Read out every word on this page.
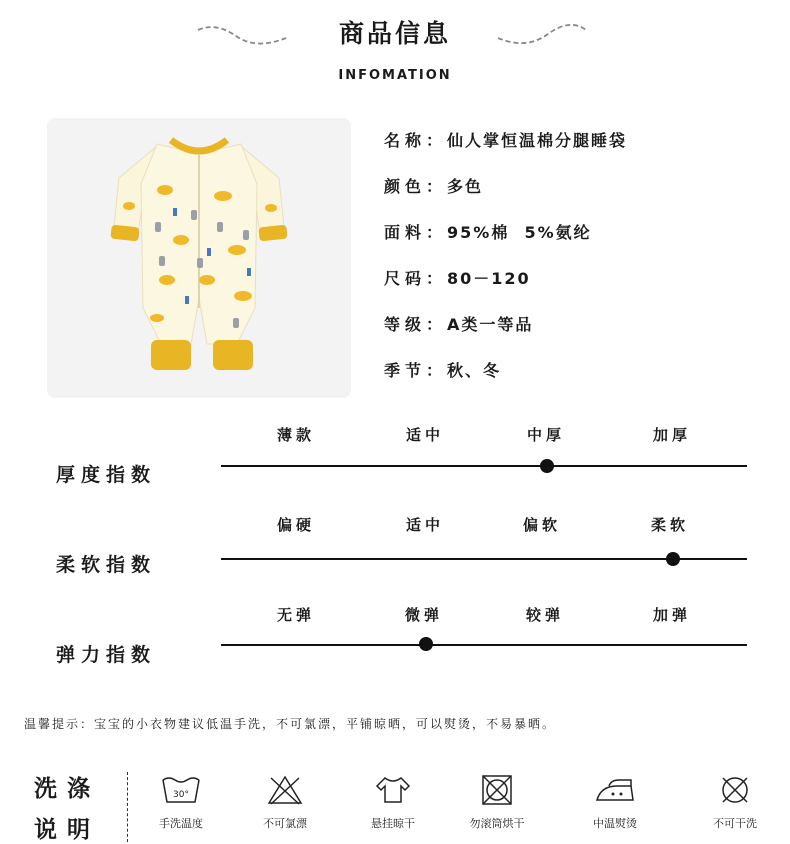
商品信息
INFOMATION
名称：仙人掌恒温棉分腿睡袋
颜色：多色
面料：95%棉  5%氨纶
尺码：80－120
等级：A类一等品
季节：秋、冬
薄款	适中	中厚	加厚
厚度指数
偏硬	适中	偏软	柔软
柔软指数
无弹	微弹	较弹	加弹
弹力指数
温馨提示：宝宝的小衣物建议低温手洗，不可氯漂，平铺晾晒，可以熨烫，不易暴晒。
洗涤
说明
30°
手洗温度	不可氯漂	悬挂晾干	勿滚筒烘干	中温熨烫	不可干洗
